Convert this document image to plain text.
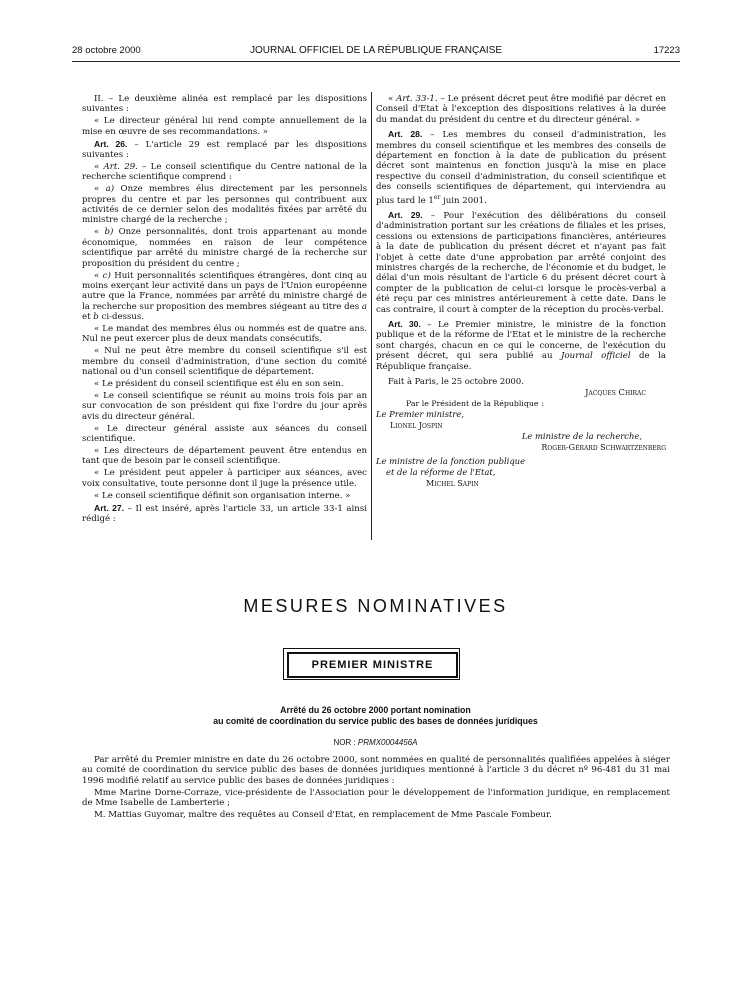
28 octobre 2000	JOURNAL OFFICIEL DE LA RÉPUBLIQUE FRANÇAISE	17223

II. – Le deuxième alinéa est remplacé par les dispositions suivantes :

« Le directeur général lui rend compte annuellement de la mise en œuvre de ses recommandations. »

Art. 26. – L'article 29 est remplacé par les dispositions suivantes :

« Art. 29. – Le conseil scientifique du Centre national de la recherche scientifique comprend :

« a) Onze membres élus directement par les personnels propres du centre et par les personnes qui contribuent aux activités de ce dernier selon des modalités fixées par arrêté du ministre chargé de la recherche ;

« b) Onze personnalités, dont trois appartenant au monde économique, nommées en raison de leur compétence scientifique par arrêté du ministre chargé de la recherche sur proposition du président du centre ;

« c) Huit personnalités scientifiques étrangères, dont cinq au moins exerçant leur activité dans un pays de l'Union européenne autre que la France, nommées par arrêté du ministre chargé de la recherche sur proposition des membres siégeant au titre des a et b ci-dessus.

« Le mandat des membres élus ou nommés est de quatre ans. Nul ne peut exercer plus de deux mandats consécutifs.

« Nul ne peut être membre du conseil scientifique s'il est membre du conseil d'administration, d'une section du comité national ou d'un conseil scientifique de département.

« Le président du conseil scientifique est élu en son sein.

« Le conseil scientifique se réunit au moins trois fois par an sur convocation de son président qui fixe l'ordre du jour après avis du directeur général.

« Le directeur général assiste aux séances du conseil scientifique.

« Les directeurs de département peuvent être entendus en tant que de besoin par le conseil scientifique.

« Le président peut appeler à participer aux séances, avec voix consultative, toute personne dont il juge la présence utile.

« Le conseil scientifique définit son organisation interne. »

Art. 27. – Il est inséré, après l'article 33, un article 33-1 ainsi rédigé :

« Art. 33-1. – Le présent décret peut être modifié par décret en Conseil d'Etat à l'exception des dispositions relatives à la durée du mandat du président du centre et du directeur général. »

Art. 28. – Les membres du conseil d'administration, les membres du conseil scientifique et les membres des conseils de département en fonction à la date de publication du présent décret sont maintenus en fonction jusqu'à la mise en place respective du conseil d'administration, du conseil scientifique et des conseils scientifiques de département, qui interviendra au plus tard le 1er juin 2001.

Art. 29. – Pour l'exécution des délibérations du conseil d'administration portant sur les créations de filiales et les prises, cessions ou extensions de participations financières, antérieures à la date de publication du présent décret et n'ayant pas fait l'objet à cette date d'une approbation par arrêté conjoint des ministres chargés de la recherche, de l'économie et du budget, le délai d'un mois résultant de l'article 6 du présent décret court à compter de la publication de celui-ci lorsque le procès-verbal a été reçu par ces ministres antérieurement à cette date. Dans le cas contraire, il court à compter de la réception du procès-verbal.

Art. 30. – Le Premier ministre, le ministre de la fonction publique et de la réforme de l'Etat et le ministre de la recherche sont chargés, chacun en ce qui le concerne, de l'exécution du présent décret, qui sera publié au Journal officiel de la République française.

Fait à Paris, le 25 octobre 2000.
Jacques Chirac
Par le Président de la République :
Le Premier ministre,
Lionel Jospin
Le ministre de la recherche,
Roger-Gérard Schwartzenberg
Le ministre de la fonction publique
et de la réforme de l'Etat,
Michel Sapin
MESURES NOMINATIVES
PREMIER MINISTRE
Arrêté du 26 octobre 2000 portant nomination
au comité de coordination du service public des bases de données juridiques
NOR : PRMX0004456A

Par arrêté du Premier ministre en date du 26 octobre 2000, sont nommées en qualité de personnalités qualifiées appelées à siéger au comité de coordination du service public des bases de données juridiques mentionné à l'article 3 du décret nº 96-481 du 31 mai 1996 modifié relatif au service public des bases de données juridiques :

Mme Marine Dorne-Corraze, vice-présidente de l'Association pour le développement de l'information juridique, en remplacement de Mme Isabelle de Lamberterie ;

M. Mattias Guyomar, maître des requêtes au Conseil d'Etat, en remplacement de Mme Pascale Fombeur.
